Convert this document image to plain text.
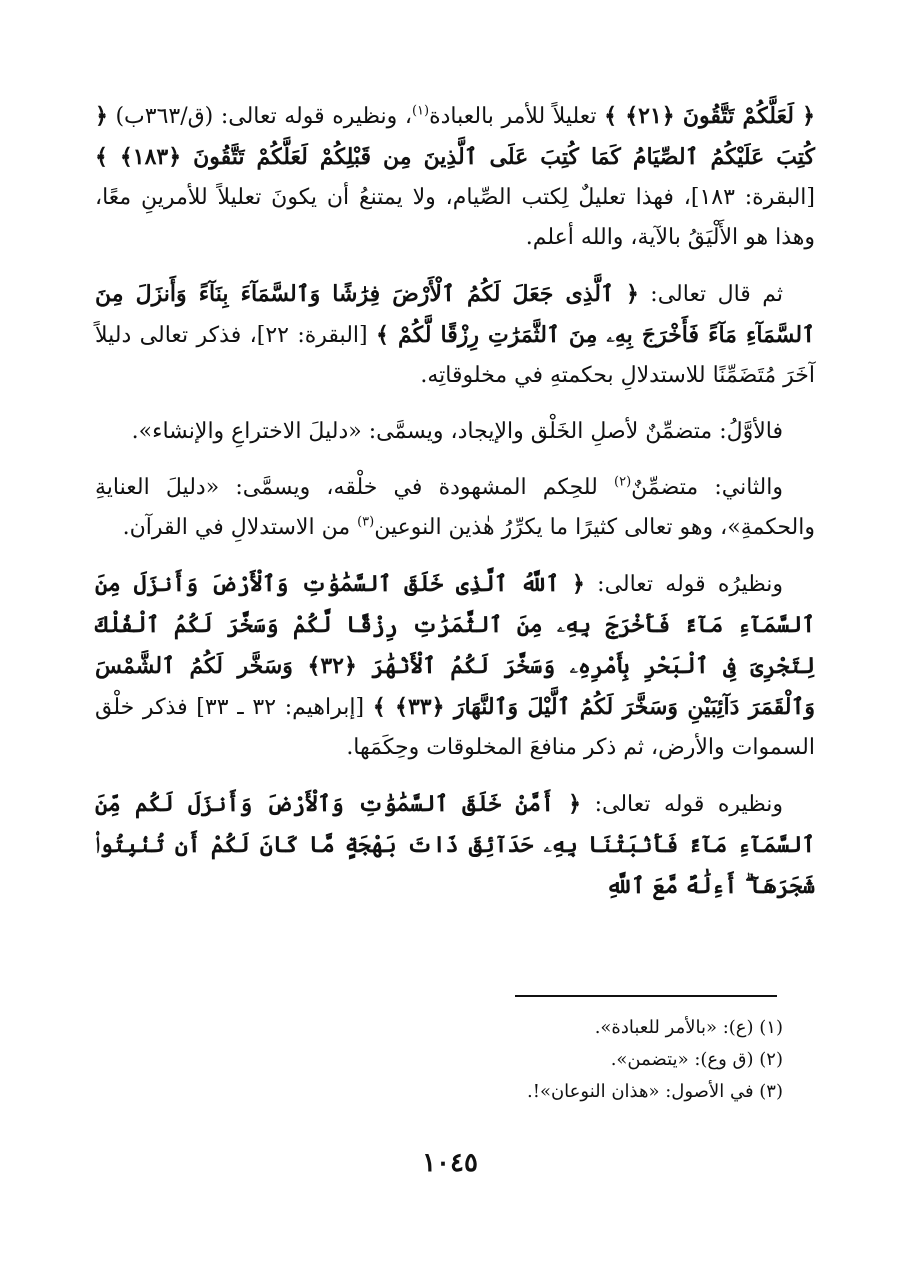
﴿ لَعَلَّكُمْ تَتَّقُونَ ﴿٢١﴾ ﴾ تعليلاً للأمر بالعبادة$^{(١)}$، ونظيره قوله تعالى: (ق/٣٦٣ب) ﴿ كُتِبَ عَلَيْكُمُ ٱلصِّيَامُ كَمَا كُتِبَ عَلَى ٱلَّذِينَ مِن قَبْلِكُمْ لَعَلَّكُمْ تَتَّقُونَ ﴿١٨٣﴾ ﴾ [البقرة: ١٨٣]، فهذا تعليلٌ لِكتب الصِّيام، ولا يمتنعُ أن يكونَ تعليلاً للأمرينِ معًا، وهذا هو الأَلْيَقُ بالآية، والله أعلم.

ثم قال تعالى: ﴿ ٱلَّذِى جَعَلَ لَكُمُ ٱلْأَرْضَ فِرَٰشًا وَٱلسَّمَآءَ بِنَآءً وَأَنزَلَ مِنَ ٱلسَّمَآءِ مَآءً فَأَخْرَجَ بِهِۦ مِنَ ٱلثَّمَرَٰتِ رِزْقًا لَّكُمْ ﴾ [البقرة: ٢٢]، فذكر تعالى دليلاً آخَرَ مُتَضَمِّنًا للاستدلالِ بحكمتهِ في مخلوقاتِه.

فالأوَّلُ: متضمِّنٌ لأصلِ الخَلْق والإيجاد، ويسمَّى: «دليلَ الاختراعِ والإنشاء».

والثاني: متضمِّنٌ$^{(٢)}$ للحِكم المشهودة في خلْقه، ويسمَّى: «دليلَ العنايةِ والحكمةِ»، وهو تعالى كثيرًا ما يكرِّرُ هٰذين النوعين$^{(٣)}$ من الاستدلالِ في القرآن.

ونظيرُه قوله تعالى: ﴿ ٱللَّهُ ٱلَّذِى خَلَقَ ٱلسَّمَٰوَٰتِ وَٱلْأَرْضَ وَأَنزَلَ مِنَ ٱلسَّمَآءِ مَآءً فَأَخْرَجَ بِهِۦ مِنَ ٱلثَّمَرَٰتِ رِزْقًا لَّكُمْ وَسَخَّرَ لَكُمُ ٱلْفُلْكَ لِتَجْرِىَ فِى ٱلْبَحْرِ بِأَمْرِهِۦ وَسَخَّرَ لَكُمُ ٱلْأَنْهَٰرَ ﴿٣٢﴾ وَسَخَّر لَكُمُ ٱلشَّمْسَ وَٱلْقَمَرَ دَآئِبَيْنِ وَسَخَّرَ لَكُمُ ٱلَّيْلَ وَٱلنَّهَارَ ﴿٣٣﴾ ﴾ [إبراهيم: ٣٢ ـ ٣٣] فذكر خلْق السموات والأرض، ثم ذكر منافعَ المخلوقات وحِكَمَها.

ونظيره قوله تعالى: ﴿ أَمَّنْ خَلَقَ ٱلسَّمَٰوَٰتِ وَٱلْأَرْضَ وَأَنزَلَ لَكُم مِّنَ ٱلسَّمَآءِ مَآءً فَأَنۢبَتْنَا بِهِۦ حَدَآئِقَ ذَاتَ بَهْجَةٍ مَّا كَانَ لَكُمْ أَن تُنۢبِتُوا۟ شَجَرَهَآ ۗ أَءِلَٰهٌ مَّعَ ٱللَّهِ

(١) (ع): «بالأمر للعبادة».

(٢) (ق وع): «يتضمن».

(٣) في الأصول: «هذان النوعان»!.

١٠٤٥
